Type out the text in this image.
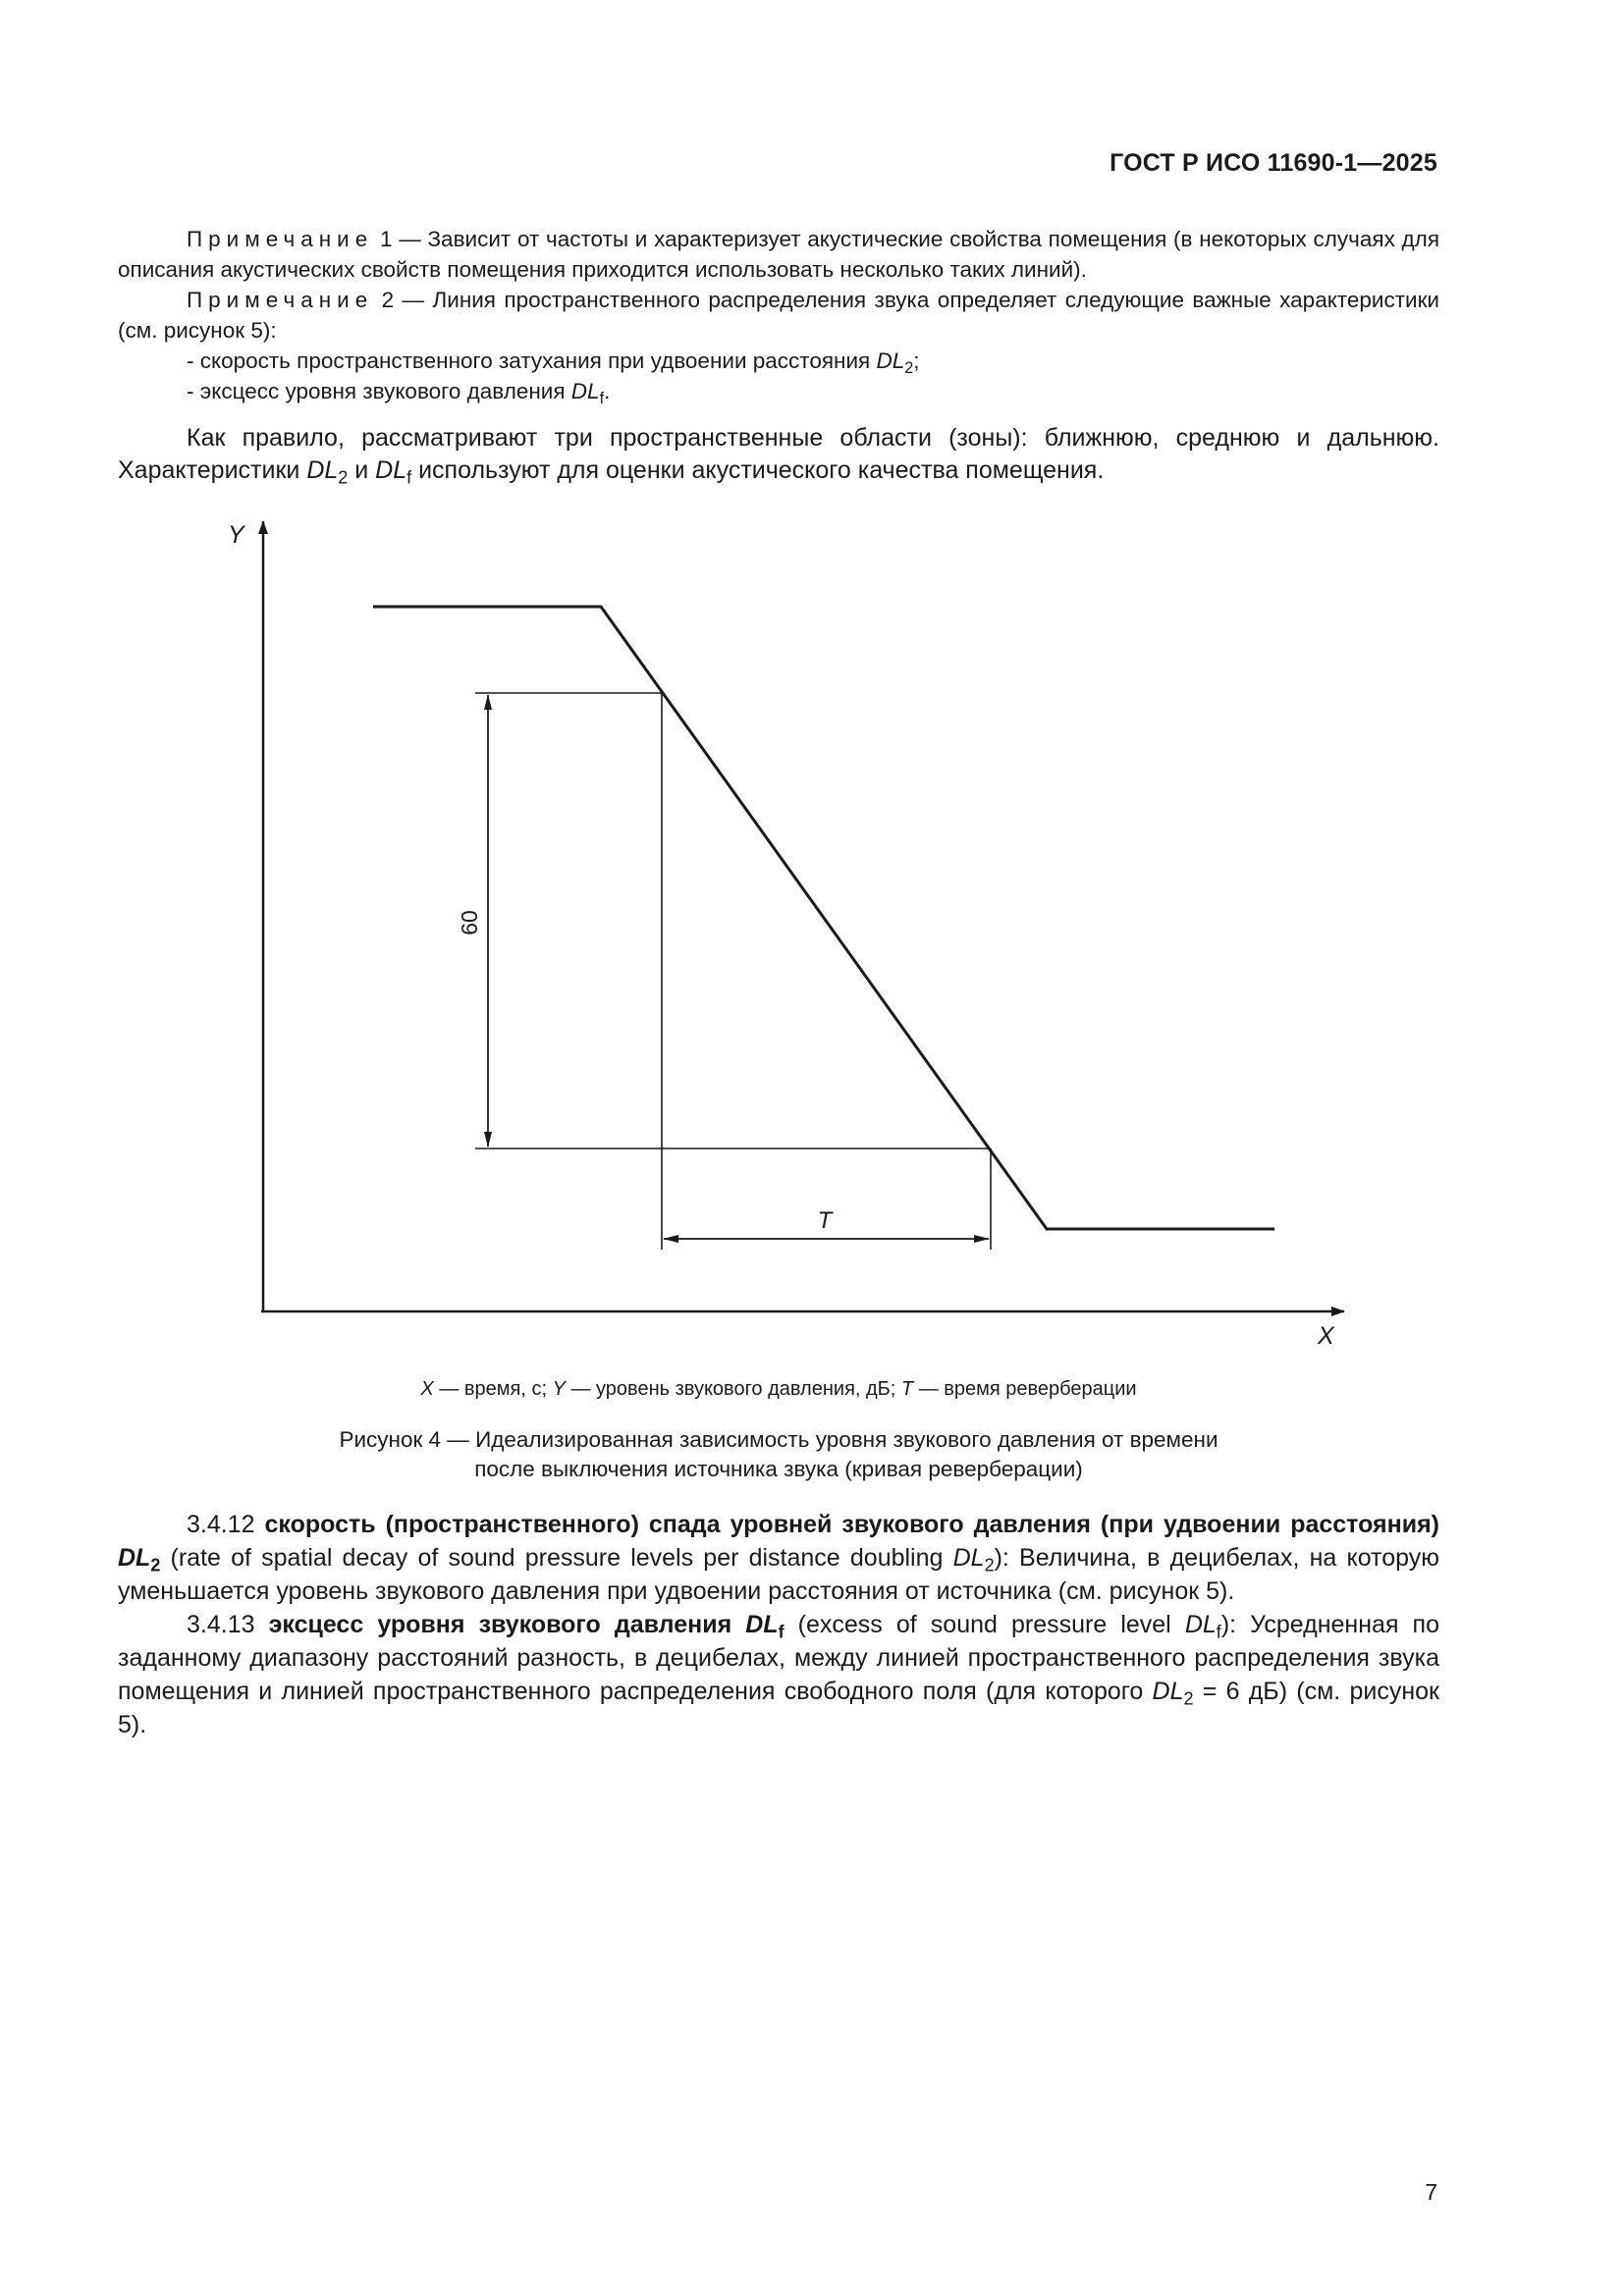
ГОСТ Р ИСО 11690-1—2025

Примечание 1 — Зависит от частоты и характеризует акустические свойства помещения (в некоторых случаях для описания акустических свойств помещения приходится использовать несколько таких линий).

Примечание 2 — Линия пространственного распределения звука определяет следующие важные характеристики (см. рисунок 5):

- скорость пространственного затухания при удвоении расстояния $DL_2$;

- эксцесс уровня звукового давления $DL_f$.

Как правило, рассматривают три пространственные области (зоны): ближнюю, среднюю и дальнюю. Характеристики $DL_2$ и $DL_f$ используют для оценки акустического качества помещения.

Y
X
60
T
X — время, с; Y — уровень звукового давления, дБ; T — время реверберации

Рисунок 4 — Идеализированная зависимость уровня звукового давления от времени

после выключения источника звука (кривая реверберации)

3.4.12 скорость (пространственного) спада уровней звукового давления (при удвоении расстояния) $DL_2$ (rate of spatial decay of sound pressure levels per distance doubling $DL_2$): Величина, в децибелах, на которую уменьшается уровень звукового давления при удвоении расстояния от источника (см. рисунок 5).

3.4.13 эксцесс уровня звукового давления $DL_f$ (excess of sound pressure level $DL_f$): Усредненная по заданному диапазону расстояний разность, в децибелах, между линией пространственного распределения звука помещения и линией пространственного распределения свободного поля (для которого $DL_2 = 6$ дБ) (см. рисунок 5).

7
